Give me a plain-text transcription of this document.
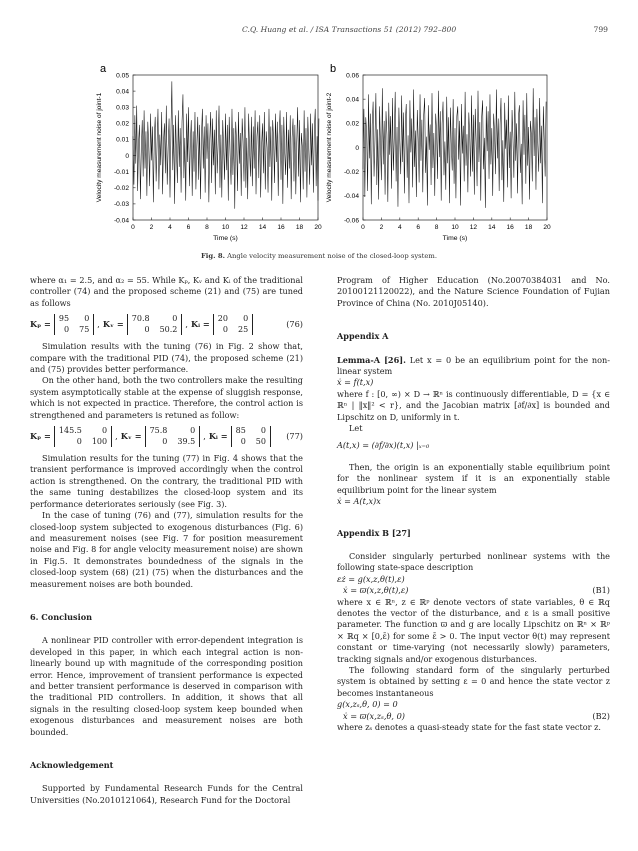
C.Q. Huang et al. / ISA Transactions 51 (2012) 792–800	799
a
0 2 4 6 8 10 12 14 16 18 20
-0.04
-0.03
-0.02
-0.01
0
0.01
0.02
0.03
0.04
0.05
Time (s)
Velocity measurement noise of joint-1
b
0 2 4 6 8 10 12 14 16 18 20
-0.06
-0.04
-0.02
0
0.02
0.04
0.06
Time (s)
Velocity measurement noise of joint-2
Fig. 8. Angle velocity measurement noise of the closed-loop system.

where α₁ = 2.5, and α₂ = 55. While Kₚ, Kᵥ and Kᵢ of the traditional controller (74) and the proposed scheme (21) and (75) are tuned as follows

Kₚ =
95	0
0 75
, Kᵥ =
70.8	0
0 50.2
, Kᵢ =
20	0
0 25
(76)

Simulation results with the tuning (76) in Fig. 2 show that, compare with the traditional PID (74), the proposed scheme (21) and (75) provides better performance.

On the other hand, both the two controllers make the resulting system asymptotically stable at the expense of sluggish response, which is not expected in practice. Therefore, the control action is strengthened and parameters is retuned as follow:

Kₚ =
145.5	0
0 100
, Kᵥ =
75.8	0
0 39.5
, Kᵢ =
85	0
0 50
(77)

Simulation results for the tuning (77) in Fig. 4 shows that the transient performance is improved accordingly when the control action is strengthened. On the contrary, the traditional PID with the same tuning destabilizes the closed-loop system and its performance deteriorates seriously (see Fig. 3).

In the case of tuning (76) and (77), simulation results for the closed-loop system subjected to exogenous disturbances (Fig. 6) and measurement noises (see Fig. 7 for position measurement noise and Fig. 8 for angle velocity measurement noise) are shown in Fig.5. It demonstrates boundedness of the signals in the closed-loop system (68) (21) (75) when the disturbances and the measurement noises are both bounded.

6. Conclusion

A nonlinear PID controller with error-dependent integration is developed in this paper, in which each integral action is non-linearly bound up with magnitude of the corresponding position error. Hence, improvement of transient performance is expected and better transient performance is deserved in comparison with the traditional PID controllers. In addition, it shows that all signals in the resulting closed-loop system keep bounded when exogenous disturbances and measurement noises are both bounded.

Acknowledgement

Supported by Fundamental Research Funds for the Central Universities (No.2010121064), Research Fund for the Doctoral

Program of Higher Education (No.20070384031 and No. 20100121120022), and the Nature Science Foundation of Fujian Province of China (No. 2010J05140).

Appendix A

Lemma-A [26]. Let x = 0 be an equilibrium point for the non-linear system

ẋ = f(t,x)

where f : [0, ∞) × D → ℝⁿ is continuously differentiable, D = {x ∈ ℝⁿ | ‖x‖² < r}, and the Jacobian matrix [∂f/∂x] is bounded and Lipschitz on D, uniformly in t.

Let

A(t,x) = (∂f/∂x)(t,x) |ₓ₌₀

Then, the origin is an exponentially stable equilibrium point for the nonlinear system if it is an exponentially stable equilibrium point for the linear system

ẋ = A(t,x)x

Appendix B [27]

Consider singularly perturbed nonlinear systems with the following state-space description

εż = g(x,z,θ(t),ε)

ẋ = ϖ(x,z,θ(t),ε)	(B1)

where x ∈ ℝⁿ, z ∈ ℝᵖ denote vectors of state variables, θ ∈ ℝq denotes the vector of the disturbance, and ε is a small positive parameter. The function ϖ and g are locally Lipschitz on ℝⁿ × ℝᵖ × ℝq × [0,ε̄) for some ε̄ > 0. The input vector θ(t) may represent constant or time-varying (not necessarily slowly) parameters, tracking signals and/or exogenous disturbances.

The following standard form of the singularly perturbed system is obtained by setting ε = 0 and hence the state vector z becomes instantaneous

g(x,zₛ,θ, 0) = 0

ẋ = ϖ(x,zₛ,θ, 0)	(B2)

where zₛ denotes a quasi-steady state for the fast state vector z.
